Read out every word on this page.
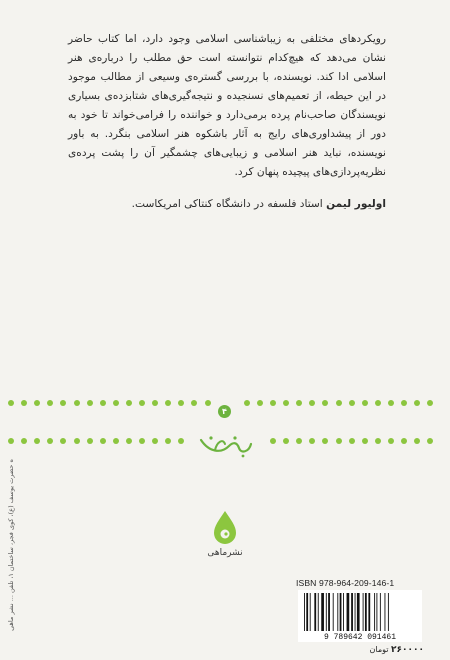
رویکردهای مختلفی به زیباشناسی اسلامی وجود دارد، اما کتاب حاضر نشان می‌دهد که هیچ‌کدام نتوانسته است حق مطلب را درباره‌ی هنر اسلامی ادا کند. نویسنده، با بررسی گستره‌ی وسیعی از مطالب موجود در این حیطه، از تعمیم‌های نسنجیده و نتیجه‌گیری‌های شتابزده‌ی بسیاری نویسندگان صاحب‌نام پرده برمی‌دارد و خواننده را فرامی‌خواند تا خود به دور از پیشداوری‌های رایج به آثار باشکوه هنر اسلامی بنگرد. به باور نویسنده، نباید هنر اسلامی و زیبایی‌های چشمگیر آن را پشت پرده‌ی نظریه‌پردازی‌های پیچیده پنهان کرد.

اولیور لیمن استاد فلسفه در دانشگاه کنتاکی امریکاست.

۴
ه‌ حضرت یوسف (ع)، کوی فجر، ساختمان ۱، تلفن ... نشر ماهی	نشرماهی
ISBN 978-964-209-146-1
9 789642 091461
۲۶۰۰۰۰ تومان
